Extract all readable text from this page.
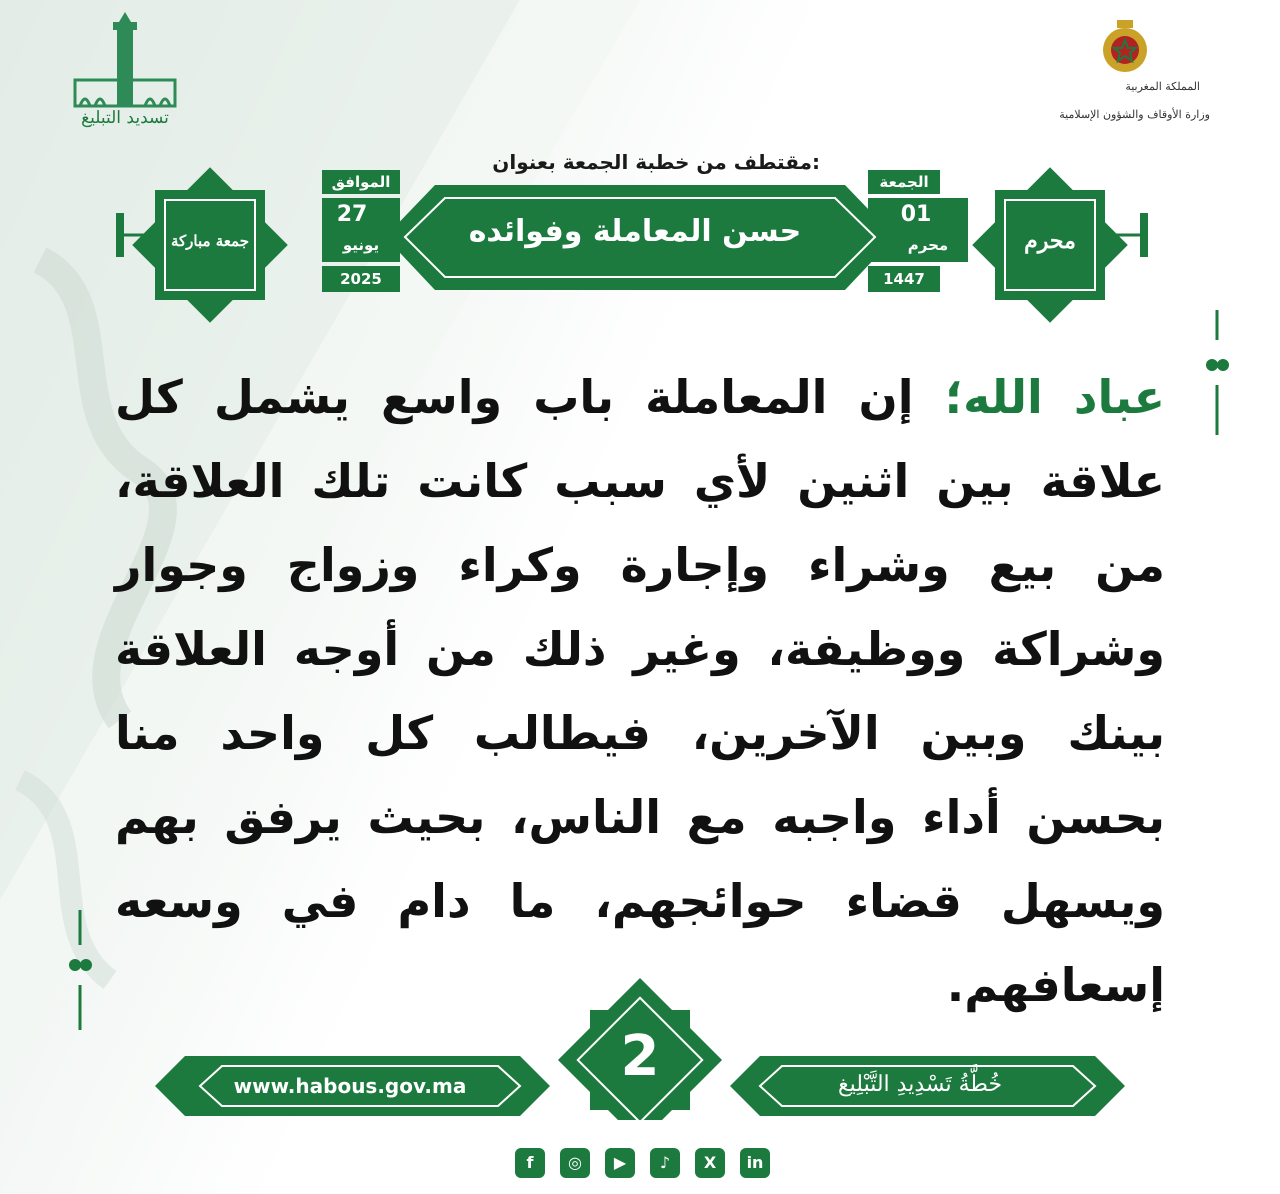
تسديد التبليغ
المملكة المغربية
وزارة الأوقاف والشؤون الإسلامية
مقتطف من خطبة الجمعة بعنوان:
حسن المعاملة وفوائده
الموافق
27
يونيو
2025
الجمعة
01
محرم
1447
جمعة مباركة	محرم
عباد الله؛ إن المعاملة باب واسع يشمل كل علاقة بين اثنين لأي سبب كانت تلك العلاقة، من بيع وشراء وإجارة وكراء وزواج وجوار وشراكة ووظيفة، وغير ذلك من أوجه العلاقة بينك وبين الآخرين، فيطالب كل واحد منا بحسن أداء واجبه مع الناس، بحيث يرفق بهم ويسهل قضاء حوائجهم، ما دام في وسعه إسعافهم.
www.habous.gov.ma	خُطَّةُ تَسْدِيدِ التَّبْلِيغ
2
f	◎	▶	♪	X	in
